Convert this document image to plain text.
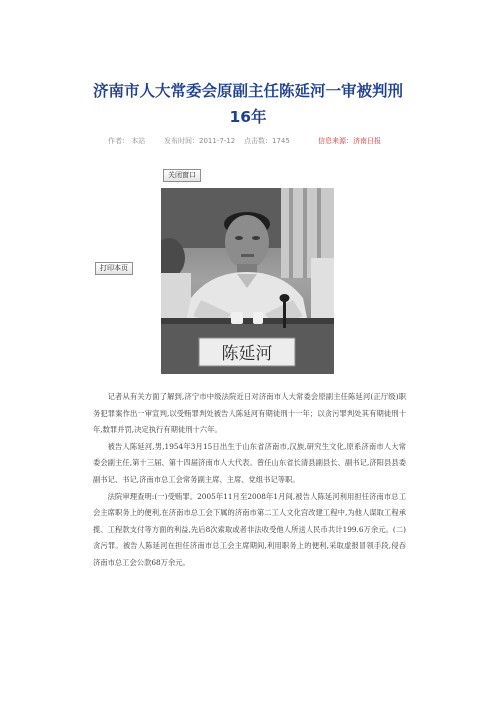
济南市人大常委会原副主任陈延河一审被判刑
16年
作者： 本站	发布时间：2011-7-12 点击数：1745	信息来源：济南日报
关闭窗口
打印本页
陈延河

记者从有关方面了解到,济宁市中级法院近日对济南市人大常委会原副主任陈延河(正厅级)职务犯罪案作出一审宣判,以受贿罪判处被告人陈延河有期徒刑十一年；以贪污罪判处其有期徒刑十年,数罪并罚,决定执行有期徒刑十六年。

被告人陈延河,男,1954年3月15日出生于山东省济南市,汉族,研究生文化,原系济南市人大常委会副主任,第十三届、第十四届济南市人大代表。曾任山东省长清县副县长、副书记,济阳县县委副书记、书记,济南市总工会常务副主席、主席、党组书记等职。

法院审理查明:(一)受贿罪。2005年11月至2008年1月间,被告人陈延河利用担任济南市总工会主席职务上的便利,在济南市总工会下属的济南市第二工人文化宫改建工程中,为他人谋取工程承揽、工程款支付等方面的利益,先后8次索取或者非法收受他人所送人民币共计199.6万余元。(二)贪污罪。被告人陈延河在担任济南市总工会主席期间,利用职务上的便利,采取虚报冒领手段,侵吞济南市总工会公款68万余元。
